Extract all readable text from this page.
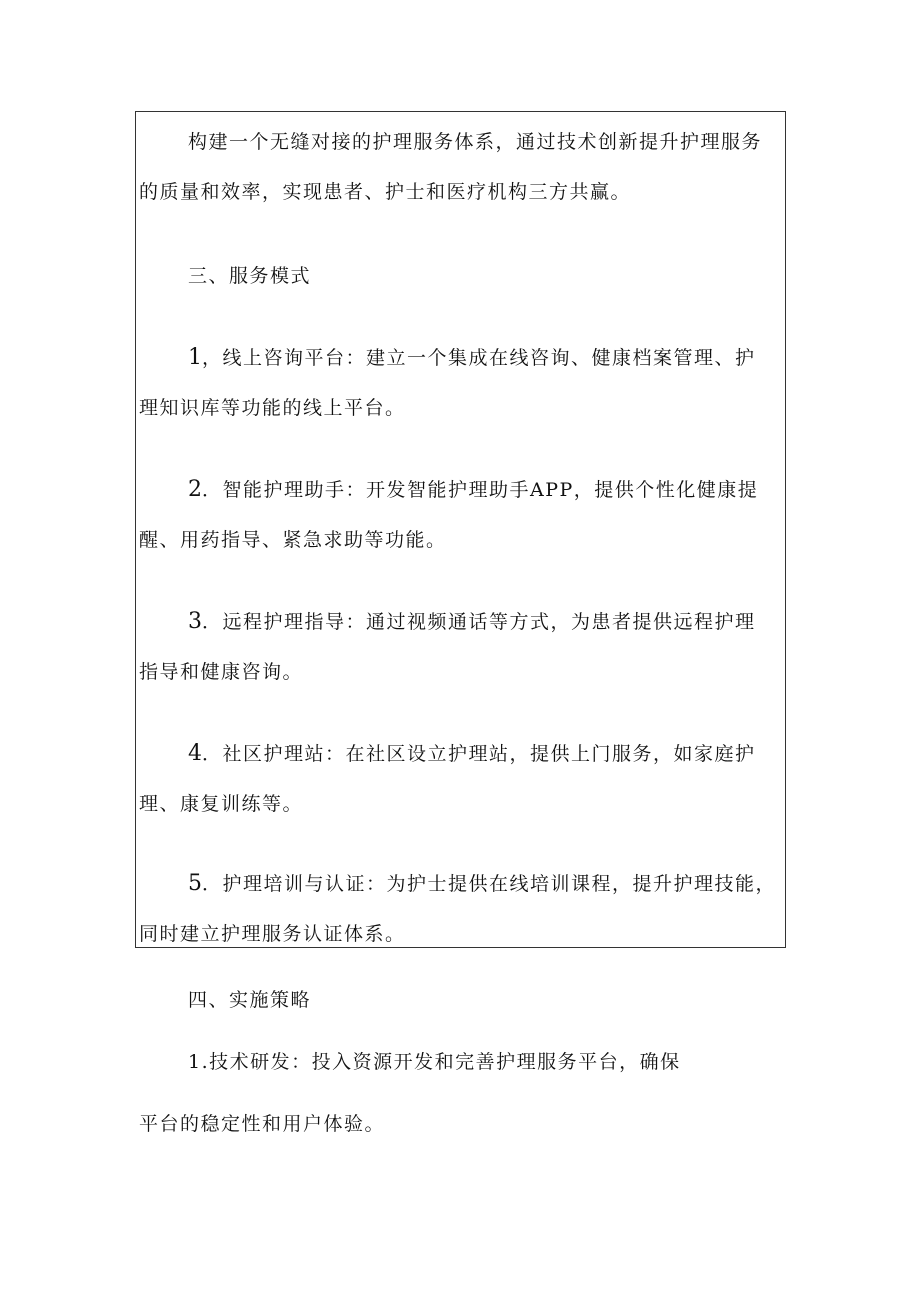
构建一个无缝对接的护理服务体系，通过技术创新提升护理服务
的质量和效率，实现患者、护士和医疗机构三方共赢。
三、服务模式
1，线上咨询平台：建立一个集成在线咨询、健康档案管理、护
理知识库等功能的线上平台。
2．智能护理助手：开发智能护理助手APP，提供个性化健康提
醒、用药指导、紧急求助等功能。
3．远程护理指导：通过视频通话等方式，为患者提供远程护理
指导和健康咨询。
4．社区护理站：在社区设立护理站，提供上门服务，如家庭护
理、康复训练等。
5．护理培训与认证：为护士提供在线培训课程，提升护理技能，
同时建立护理服务认证体系。
四、实施策略
1.技术研发：投入资源开发和完善护理服务平台，确保
平台的稳定性和用户体验。
